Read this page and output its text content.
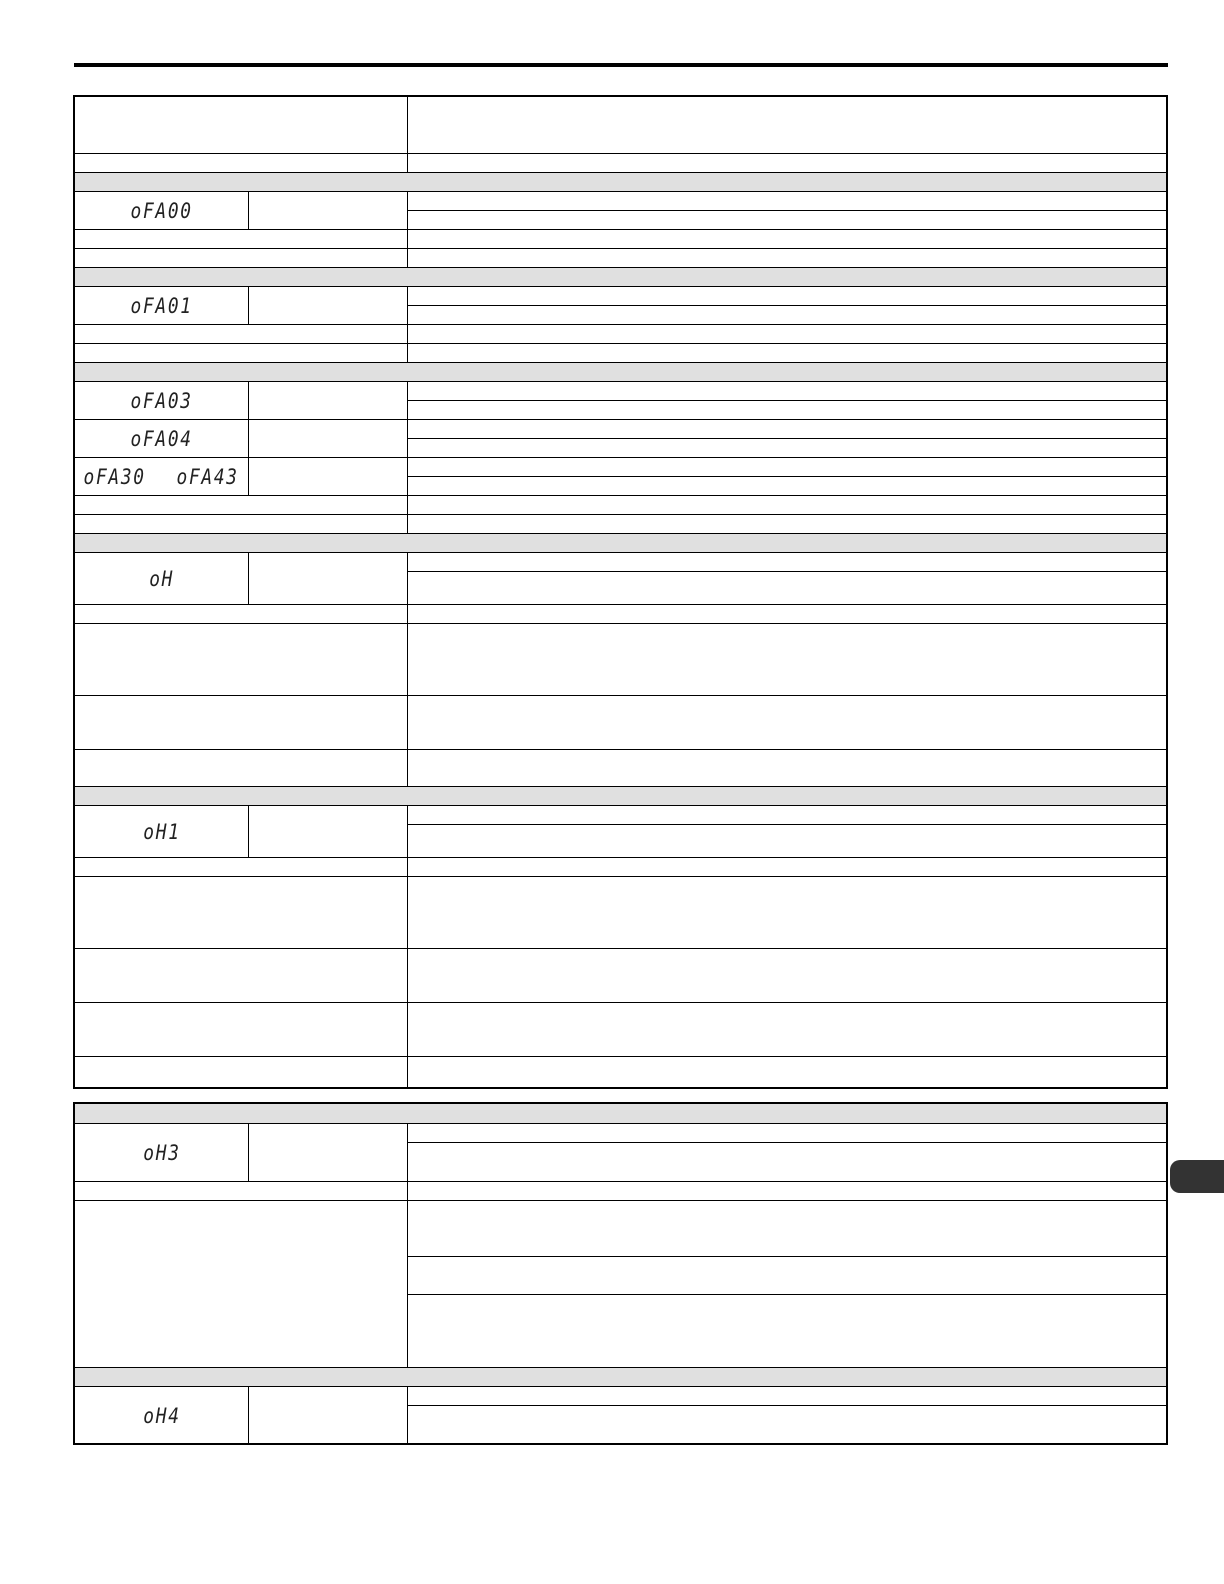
oFA00
oFA01
oFA03
oFA04
oFA30 oFA43
oH
oH1
oH3
oH4
